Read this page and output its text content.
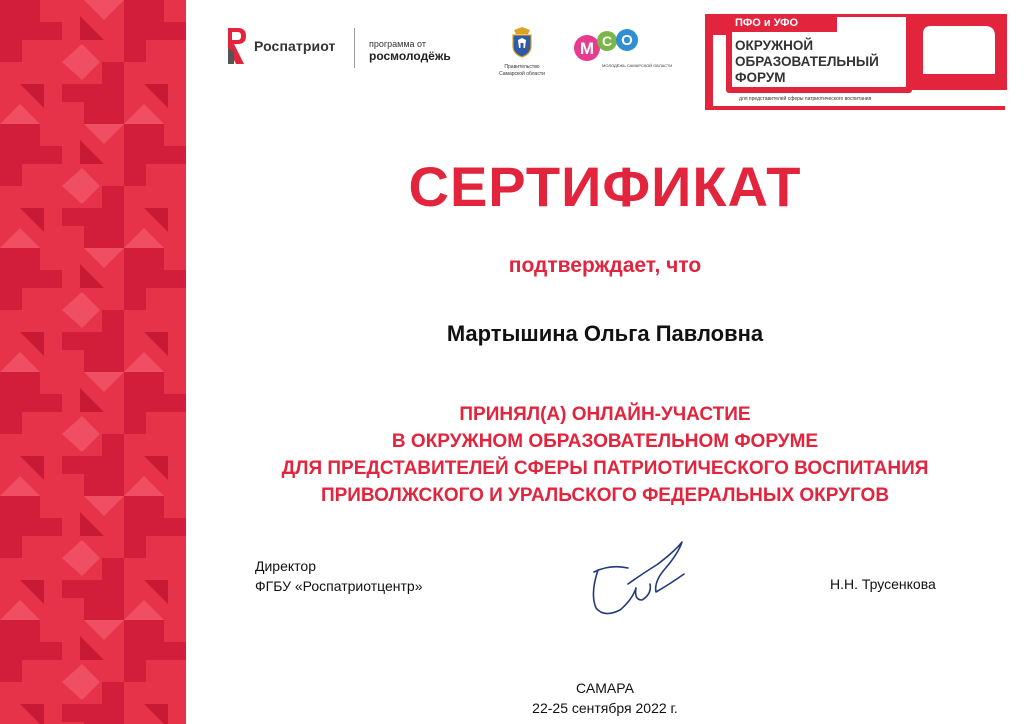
Роспатриот	программа от
росмолодёжь
Правительство
Самарской области
М С О
МОЛОДЁЖЬ САМАРСКОЙ ОБЛАСТИ
ПФО и УФО
ОКРУЖНОЙ
ОБРАЗОВАТЕЛЬНЫЙ
ФОРУМ
для представителей сферы патриотического воспитания
СЕРТИФИКАТ
подтверждает, что
Мартышина Ольга Павловна
ПРИНЯЛ(А) ОНЛАЙН-УЧАСТИЕ
В ОКРУЖНОМ ОБРАЗОВАТЕЛЬНОМ ФОРУМЕ
ДЛЯ ПРЕДСТАВИТЕЛЕЙ СФЕРЫ ПАТРИОТИЧЕСКОГО ВОСПИТАНИЯ
ПРИВОЛЖСКОГО И УРАЛЬСКОГО ФЕДЕРАЛЬНЫХ ОКРУГОВ
Директор
ФГБУ «Роспатриотцентр»	Н.Н. Трусенкова
САМАРА
22-25 сентября 2022 г.
